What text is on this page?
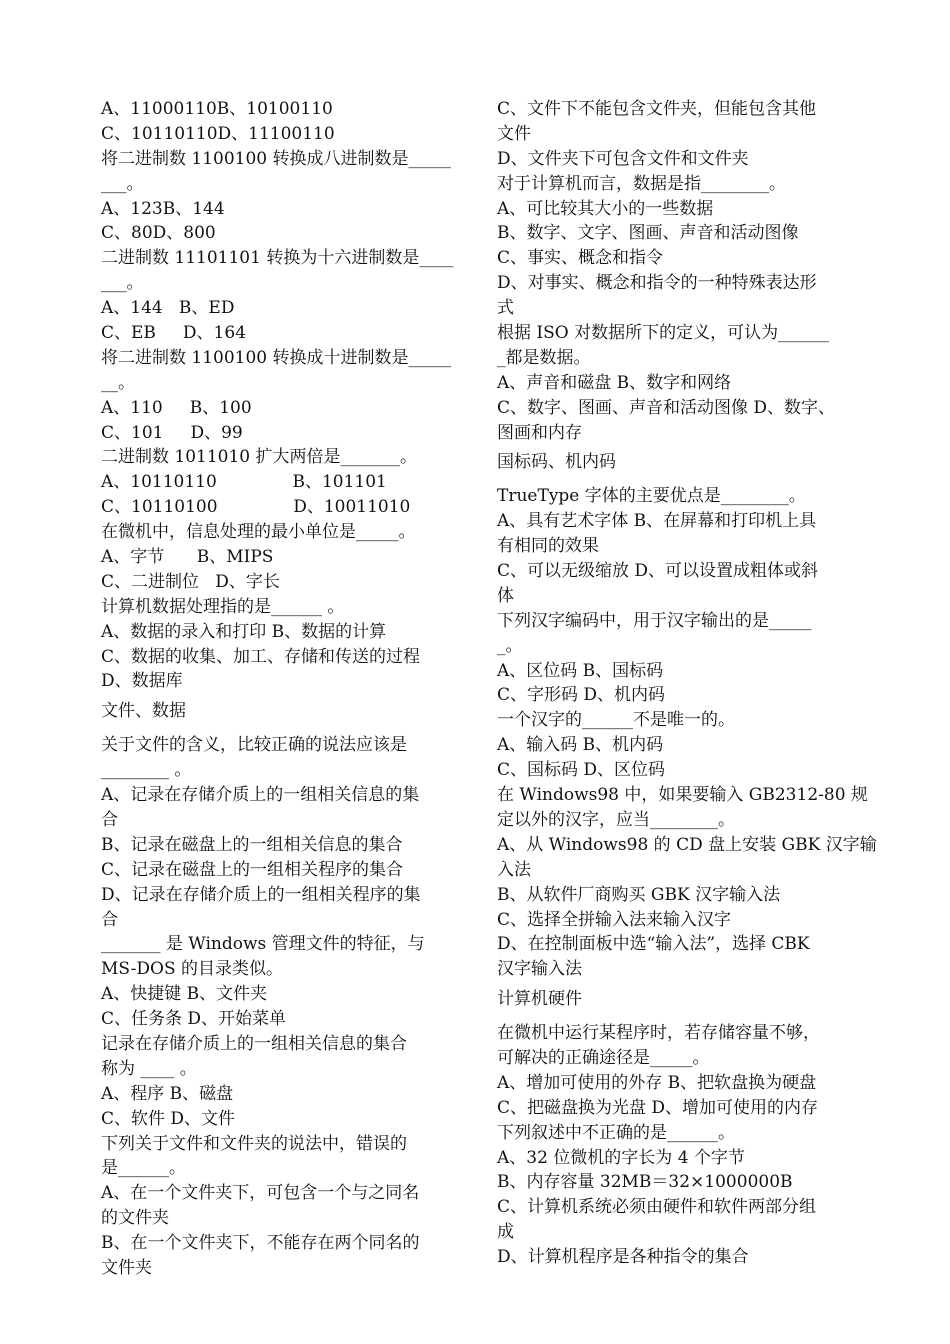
A、11000110B、10100110
C、10110110D、11100110
将二进制数 1100100 转换成八进制数是_____
___。
A、123B、144
C、80D、800
二进制数 11101101 转换为十六进制数是____
___。
A、144   B、ED
C、EB     D、164
将二进制数 1100100 转换成十进制数是_____
__。
A、110     B、100
C、101     D、99
二进制数 1011010 扩大两倍是_______。
A、10110110              B、101101
C、10110100              D、10011010
在微机中，信息处理的最小单位是_____。
A、字节      B、MIPS
C、二进制位   D、字长
计算机数据处理指的是______ 。
A、数据的录入和打印 B、数据的计算
C、数据的收集、加工、存储和传送的过程
D、数据库
文件、数据
关于文件的含义，比较正确的说法应该是
________ 。
A、记录在存储介质上的一组相关信息的集
合
B、记录在磁盘上的一组相关信息的集合
C、记录在磁盘上的一组相关程序的集合
D、记录在存储介质上的一组相关程序的集
合
_______ 是 Windows 管理文件的特征，与
MS-DOS 的目录类似。
A、快捷键 B、文件夹
C、任务条 D、开始菜单
记录在存储介质上的一组相关信息的集合
称为 ____ 。
A、程序 B、磁盘
C、软件 D、文件
下列关于文件和文件夹的说法中，错误的
是______。
A、在一个文件夹下，可包含一个与之同名
的文件夹
B、在一个文件夹下，不能存在两个同名的
文件夹
C、文件下不能包含文件夹，但能包含其他
文件
D、文件夹下可包含文件和文件夹
对于计算机而言，数据是指________。
A、可比较其大小的一些数据
B、数字、文字、图画、声音和活动图像
C、事实、概念和指令
D、对事实、概念和指令的一种特殊表达形
式
根据 ISO 对数据所下的定义，可认为______
_都是数据。
A、声音和磁盘 B、数字和网络
C、数字、图画、声音和活动图像 D、数字、
图画和内存
国标码、机内码
TrueType 字体的主要优点是________。
A、具有艺术字体 B、在屏幕和打印机上具
有相同的效果
C、可以无级缩放 D、可以设置成粗体或斜
体
下列汉字编码中，用于汉字输出的是_____
_。
A、区位码 B、国标码
C、字形码 D、机内码
一个汉字的______不是唯一的。
A、输入码 B、机内码
C、国标码 D、区位码
在 Windows98 中，如果要输入 GB2312-80 规
定以外的汉字，应当________。
A、从 Windows98 的 CD 盘上安装 GBK 汉字输
入法
B、从软件厂商购买 GBK 汉字输入法
C、选择全拼输入法来输入汉字
D、在控制面板中选“输入法”，选择 CBK
汉字输入法
计算机硬件
在微机中运行某程序时，若存储容量不够，
可解决的正确途径是_____。
A、增加可使用的外存 B、把软盘换为硬盘
C、把磁盘换为光盘 D、增加可使用的内存
下列叙述中不正确的是______。
A、32 位微机的字长为 4 个字节
B、内存容量 32MB＝32×1000000B
C、计算机系统必须由硬件和软件两部分组
成
D、计算机程序是各种指令的集合
